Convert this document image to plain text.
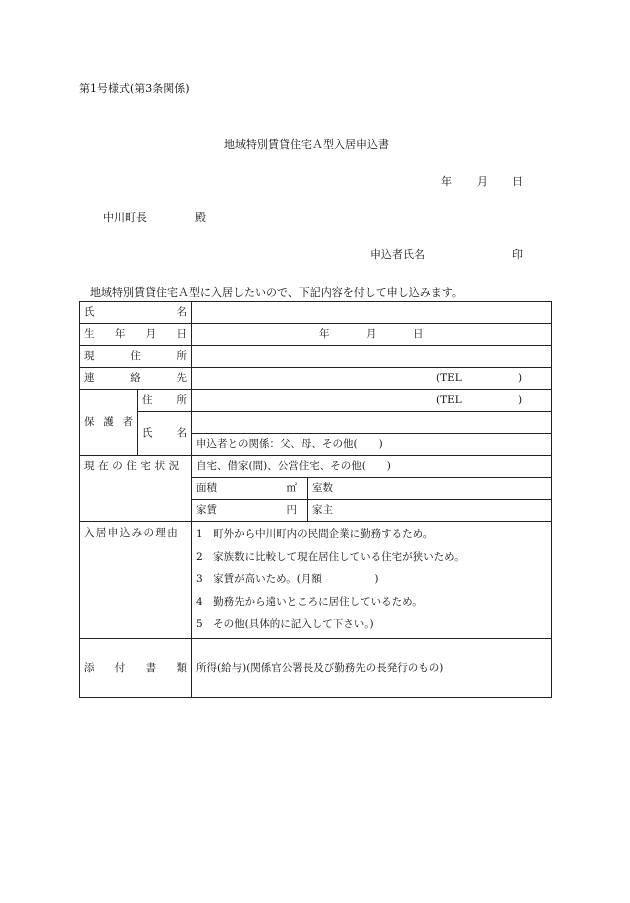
第1号様式(第3条関係)
地域特別賃貸住宅Ａ型入居申込書
年 月 日
中川町長	殿
申込者氏名	印
地域特別賃貸住宅Ａ型に入居したいので、下記内容を付して申し込みます。
氏 名			

生 年 月 日		年 月 日	

現 住 所			

連 絡 先		(TEL )	

保 護 者	住 所	(TEL )	

	氏 名		

		申込者との関係：父、母、その他(　　)	

現在の住宅状況		自宅、借家(間)、公営住宅、その他(　　)	

		面積 ㎡	室数

		家賃 円	家主
入居申込みの理由		1　町外から中川町内の民間企業に勤務するため。
2　家族数に比較して現在居住している住宅が狭いため。
3　家賃が高いため。(月額　　　　　)
4　勤務先から遠いところに居住しているため。
5　その他(具体的に記入して下さい。)	

添 付 書 類		所得(給与)(関係官公署長及び勤務先の長発行のもの)	
